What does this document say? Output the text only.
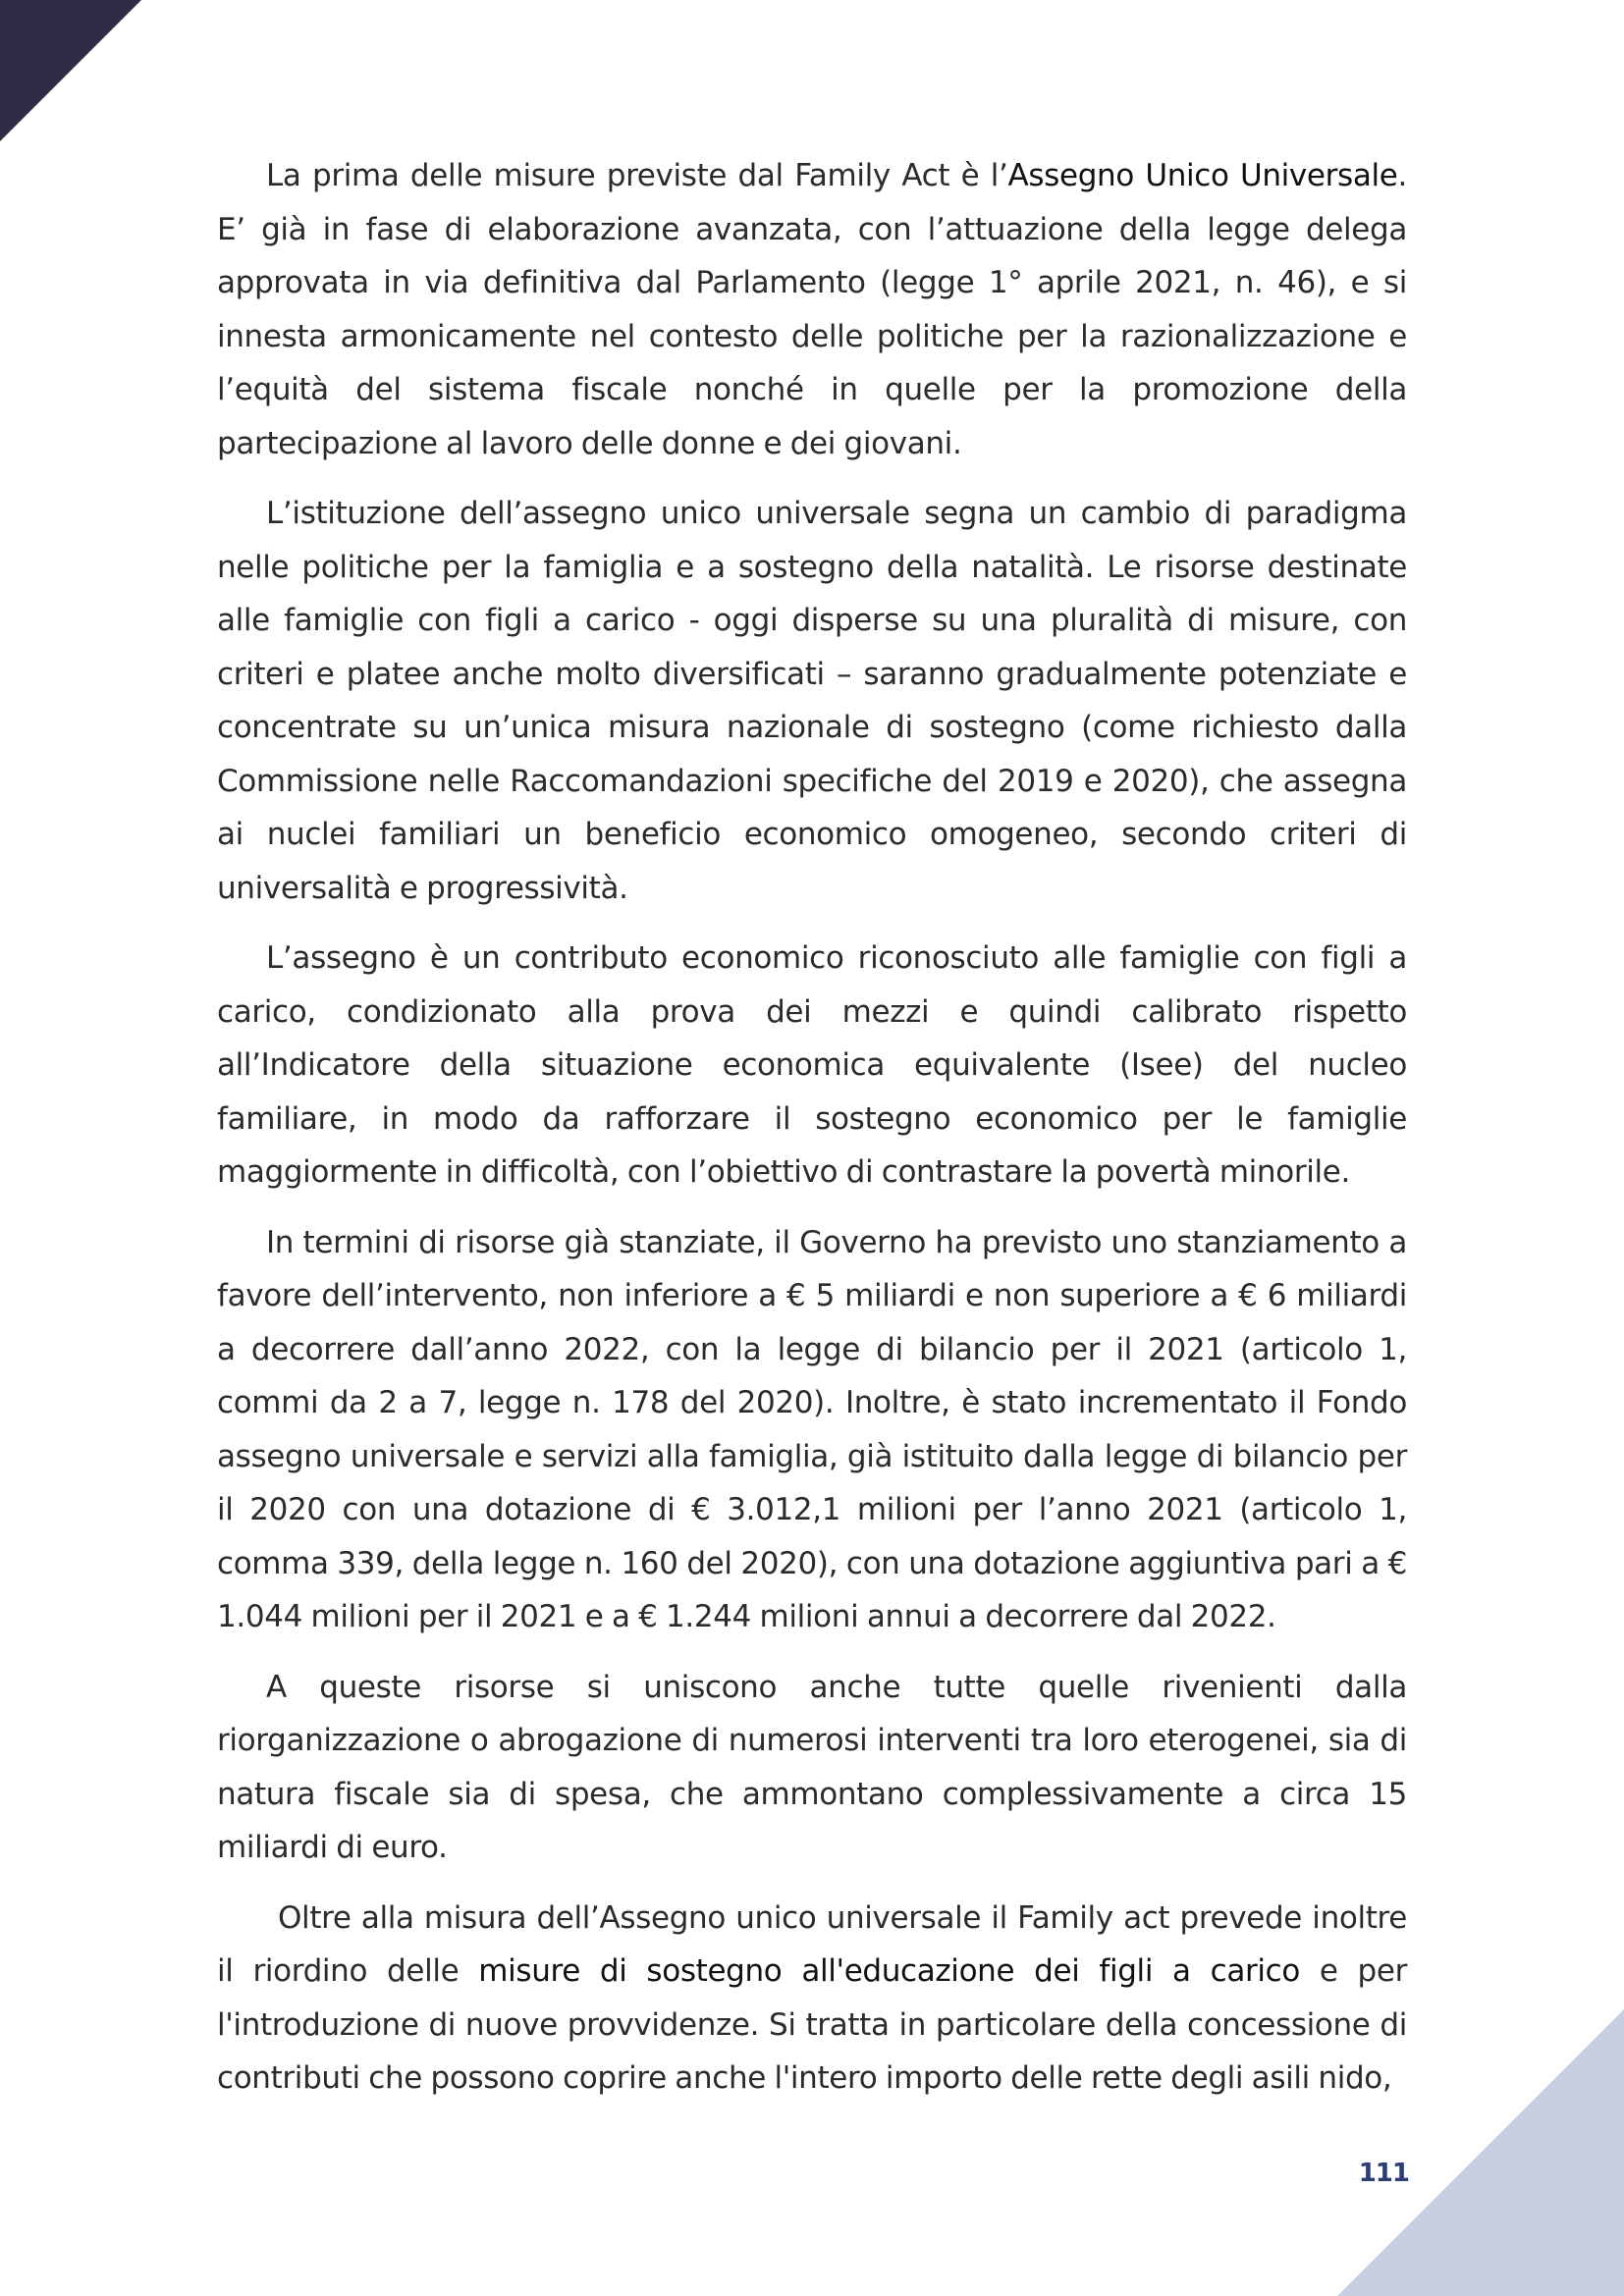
La prima delle misure previste dal Family Act è l’Assegno Unico Universale. E’ già in fase di elaborazione avanzata, con l’attuazione della legge delega approvata in via definitiva dal Parlamento (legge 1° aprile 2021, n. 46), e si innesta armonicamente nel contesto delle politiche per la razionalizzazione e l’equità del sistema fiscale nonché in quelle per la promozione della partecipazione al lavoro delle donne e dei giovani.

L’istituzione dell’assegno unico universale segna un cambio di paradigma nelle politiche per la famiglia e a sostegno della natalità. Le risorse destinate alle famiglie con figli a carico - oggi disperse su una pluralità di misure, con criteri e platee anche molto diversificati – saranno gradualmente potenziate e concentrate su un’unica misura nazionale di sostegno (come richiesto dalla Commissione nelle Raccomandazioni specifiche del 2019 e 2020), che assegna ai nuclei familiari un beneficio economico omogeneo, secondo criteri di universalità e progressività.

L’assegno è un contributo economico riconosciuto alle famiglie con figli a carico, condizionato alla prova dei mezzi e quindi calibrato rispetto all’Indicatore della situazione economica equivalente (Isee) del nucleo familiare, in modo da rafforzare il sostegno economico per le famiglie maggiormente in difficoltà, con l’obiettivo di contrastare la povertà minorile.

In termini di risorse già stanziate, il Governo ha previsto uno stanziamento a favore dell’intervento, non inferiore a € 5 miliardi e non superiore a € 6 miliardi a decorrere dall’anno 2022, con la legge di bilancio per il 2021 (articolo 1, commi da 2 a 7, legge n. 178 del 2020). Inoltre, è stato incrementato il Fondo assegno universale e servizi alla famiglia, già istituito dalla legge di bilancio per il 2020 con una dotazione di € 3.012,1 milioni per l’anno 2021 (articolo 1, comma 339, della legge n. 160 del 2020), con una dotazione aggiuntiva pari a € 1.044 milioni per il 2021 e a € 1.244 milioni annui a decorrere dal 2022.

A queste risorse si uniscono anche tutte quelle rivenienti dalla riorganizzazione o abrogazione di numerosi interventi tra loro eterogenei, sia di natura fiscale sia di spesa, che ammontano complessivamente a circa 15 miliardi di euro.

Oltre alla misura dell’Assegno unico universale il Family act prevede inoltre il riordino delle misure di sostegno all'educazione dei figli a carico e per l'introduzione di nuove provvidenze. Si tratta in particolare della concessione di contributi che possono coprire anche l'intero importo delle rette degli asili nido,

111
